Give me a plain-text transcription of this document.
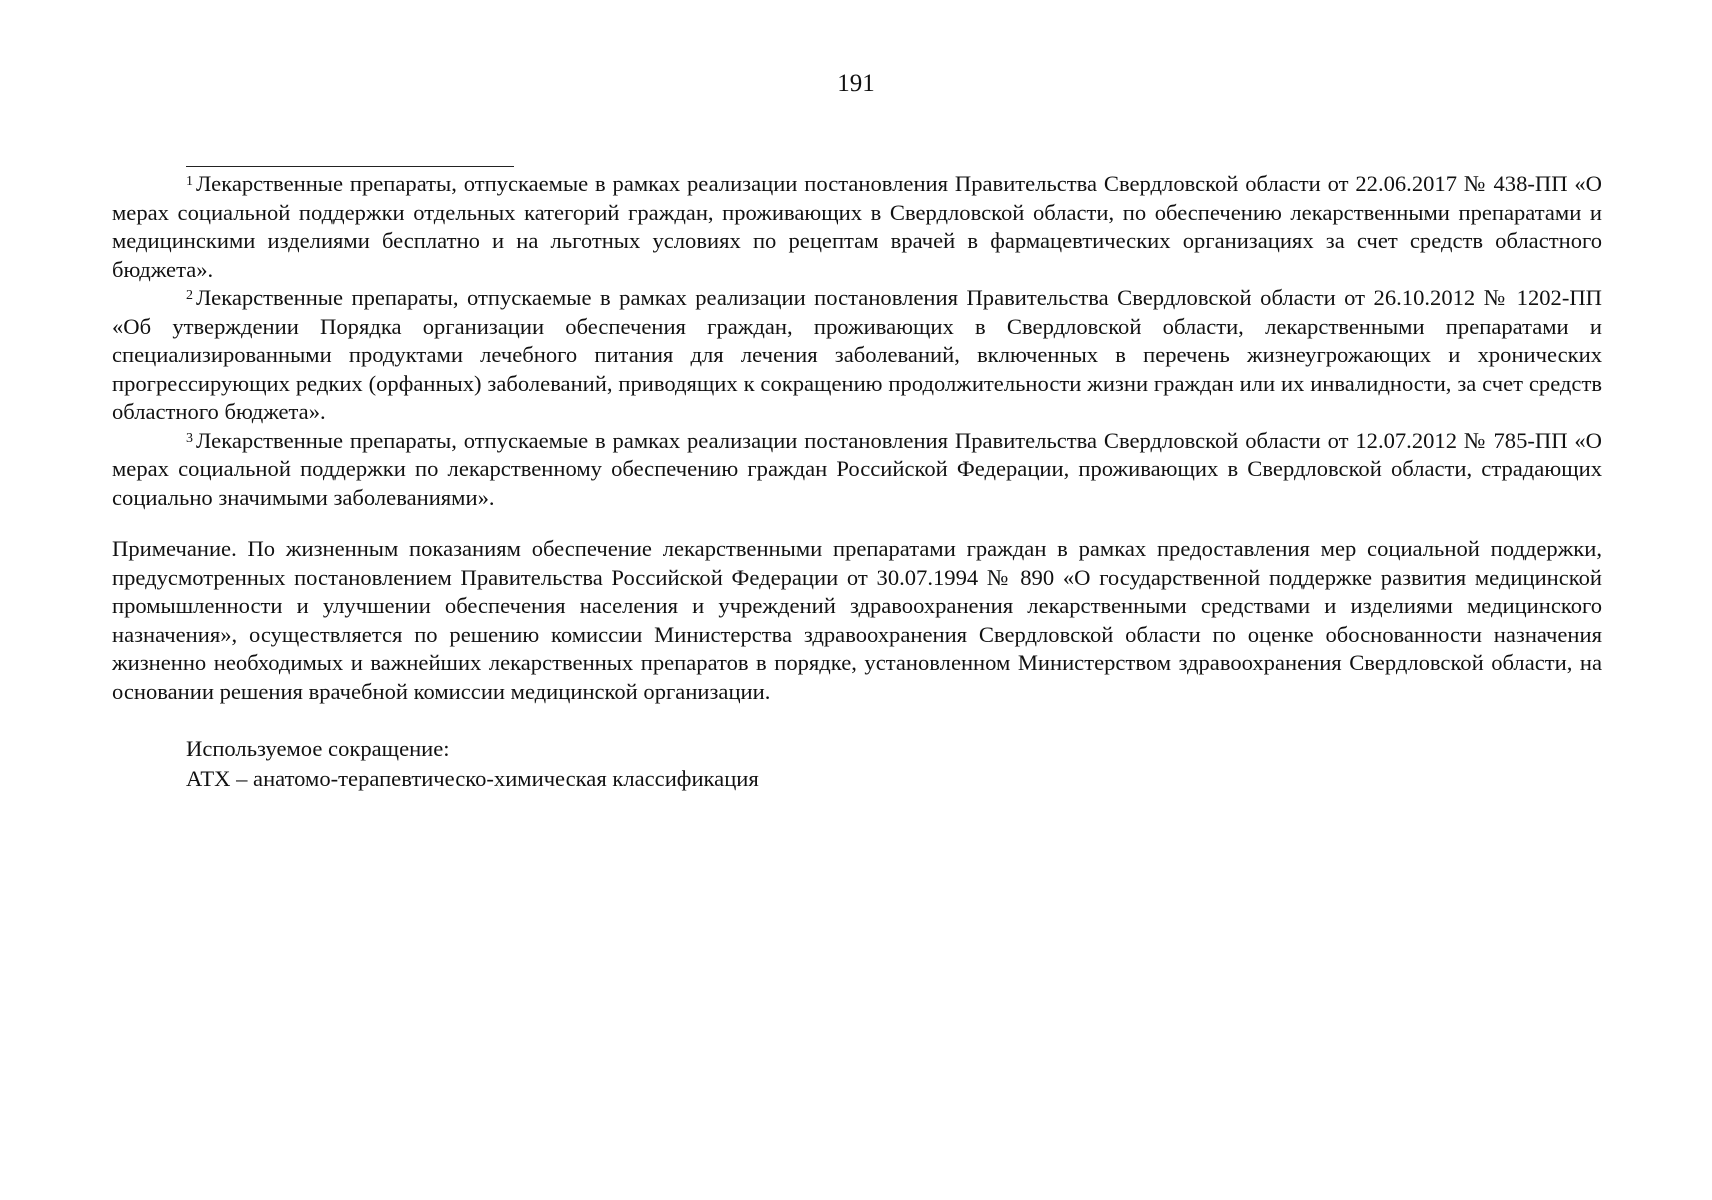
191

$^1$ Лекарственные препараты, отпускаемые в рамках реализации постановления Правительства Свердловской области от 22.06.2017 № 438-ПП «О мерах социальной поддержки отдельных категорий граждан, проживающих в Свердловской области, по обеспечению лекарственными препаратами и медицинскими изделиями бесплатно и на льготных условиях по рецептам врачей в фармацевтических организациях за счет средств областного бюджета».

$^2$ Лекарственные препараты, отпускаемые в рамках реализации постановления Правительства Свердловской области от 26.10.2012 № 1202-ПП «Об утверждении Порядка организации обеспечения граждан, проживающих в Свердловской области, лекарственными препаратами и специализированными продуктами лечебного питания для лечения заболеваний, включенных в перечень жизнеугрожающих и хронических прогрессирующих редких (орфанных) заболеваний, приводящих к сокращению продолжительности жизни граждан или их инвалидности, за счет средств областного бюджета».

$^3$ Лекарственные препараты, отпускаемые в рамках реализации постановления Правительства Свердловской области от 12.07.2012 № 785-ПП «О мерах социальной поддержки по лекарственному обеспечению граждан Российской Федерации, проживающих в Свердловской области, страдающих социально значимыми заболеваниями».

Примечание. По жизненным показаниям обеспечение лекарственными препаратами граждан в рамках предоставления мер социальной поддержки, предусмотренных постановлением Правительства Российской Федерации от 30.07.1994 № 890 «О государственной поддержке развития медицинской промышленности и улучшении обеспечения населения и учреждений здравоохранения лекарственными средствами и изделиями медицинского назначения», осуществляется по решению комиссии Министерства здравоохранения Свердловской области по оценке обоснованности назначения жизненно необходимых и важнейших лекарственных препаратов в порядке, установленном Министерством здравоохранения Свердловской области, на основании решения врачебной комиссии медицинской организации.

Используемое сокращение:
АТХ – анатомо-терапевтическо-химическая классификация
